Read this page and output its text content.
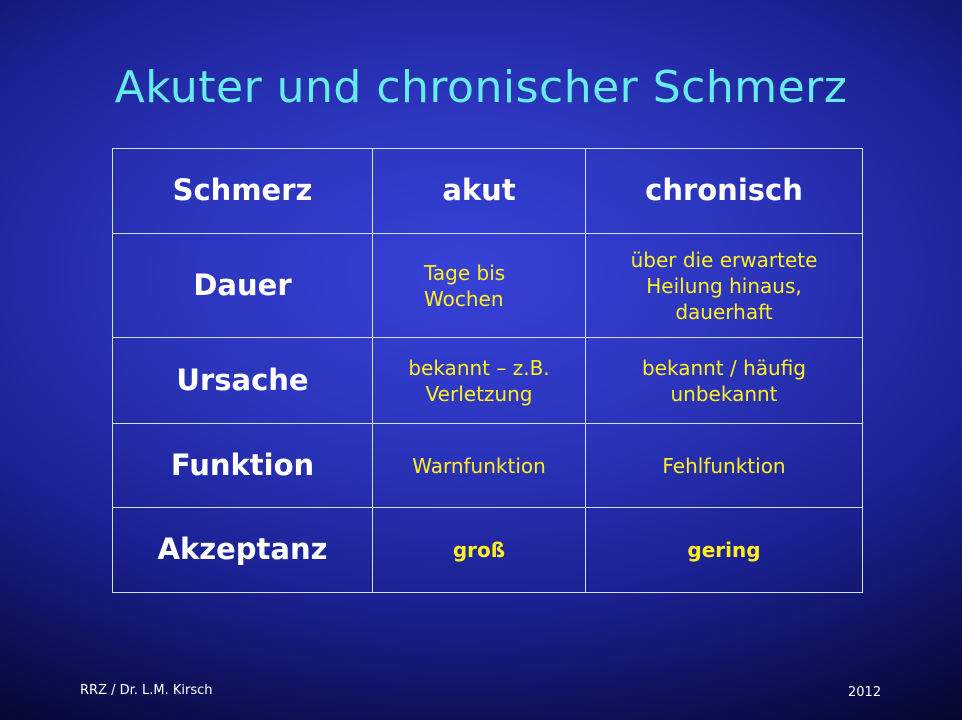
Akuter und chronischer Schmerz
Schmerz	akut	chronisch
Dauer	Tage bis Wochen	über die erwartete Heilung hinaus, dauerhaft
Ursache	bekannt – z.B. Verletzung	bekannt / häufig unbekannt
Funktion	Warnfunktion	Fehlfunktion
Akzeptanz	groß	gering
RRZ / Dr. L.M. Kirsch	2012
